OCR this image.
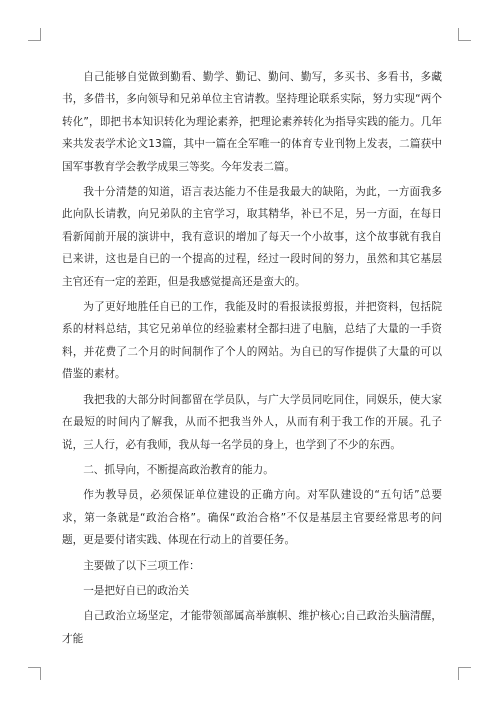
自己能够自觉做到勤看、勤学、勤记、勤问、勤写，多买书、多看书，多藏书，多借书，多向领导和兄弟单位主官请教。坚持理论联系实际，努力实现“两个转化”，即把书本知识转化为理论素养，把理论素养转化为指导实践的能力。几年来共发表学术论文13篇，其中一篇在全军唯一的体育专业刊物上发表，二篇获中国军事教育学会教学成果三等奖。今年发表二篇。

我十分清楚的知道，语言表达能力不佳是我最大的缺陷，为此，一方面我多此向队长请教，向兄弟队的主官学习，取其精华，补已不足，另一方面，在每日看新闻前开展的演讲中，我有意识的增加了每天一个小故事，这个故事就有我自已来讲，这也是自已的一个提高的过程，经过一段时间的努力，虽然和其它基层主官还有一定的差距，但是我感觉提高还是蛮大的。

为了更好地胜任自已的工作，我能及时的看报读报剪报，并把资料，包括院系的材料总结，其它兄弟单位的经验素材全都扫进了电脑，总结了大量的一手资料，并花费了二个月的时间制作了个人的网站。为自已的写作提供了大量的可以借鉴的素材。

我把我的大部分时间都留在学员队，与广大学员同吃同住，同娱乐，使大家在最短的时间内了解我，从而不把我当外人，从而有利于我工作的开展。孔子说，三人行，必有我师，我从每一名学员的身上，也学到了不少的东西。

二、抓导向，不断提高政治教育的能力。

作为教导员，必须保证单位建设的正确方向。对军队建设的“五句话”总要求，第一条就是“政治合格”。确保“政治合格”不仅是基层主官要经常思考的问题，更是要付诸实践、体现在行动上的首要任务。

主要做了以下三项工作：

一是把好自已的政治关

自己政治立场坚定，才能带领部属高举旗帜、维护核心;自己政治头脑清醒，才能
